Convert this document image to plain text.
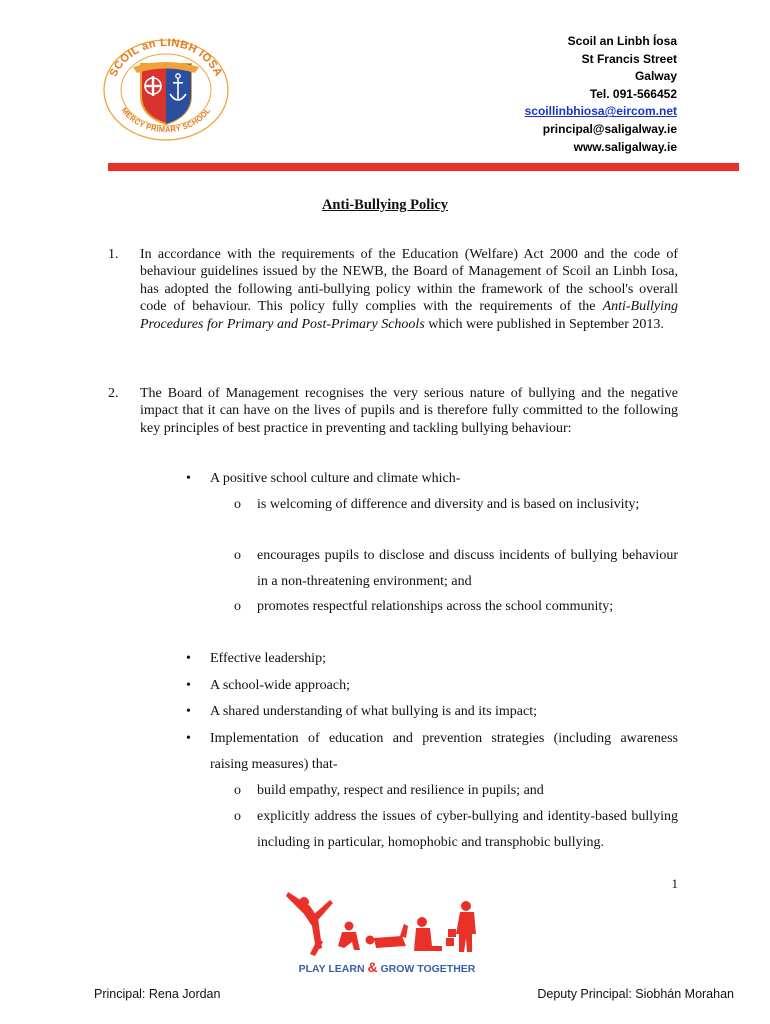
SCOIL an LINBH IOSA
MERCY PRIMARY SCHOOL
Scoil an Linbh Íosa
St Francis Street
Galway
Tel. 091-566452
scoillinbhiosa@eircom.net
principal@saligalway.ie
www.saligalway.ie
Anti-Bullying Policy
1. In accordance with the requirements of the Education (Welfare) Act 2000 and the code of behaviour guidelines issued by the NEWB, the Board of Management of Scoil an Linbh Iosa, has adopted the following anti-bullying policy within the framework of the school's overall code of behaviour. This policy fully complies with the requirements of the Anti-Bullying Procedures for Primary and Post-Primary Schools which were published in September 2013.
2. The Board of Management recognises the very serious nature of bullying and the negative impact that it can have on the lives of pupils and is therefore fully committed to the following key principles of best practice in preventing and tackling bullying behaviour:
• A positive school culture and climate which-
o is welcoming of difference and diversity and is based on inclusivity;
o encourages pupils to disclose and discuss incidents of bullying behaviour in a non-threatening environment; and
o promotes respectful relationships across the school community;
• Effective leadership;
• A school-wide approach;
• A shared understanding of what bullying is and its impact;
• Implementation of education and prevention strategies (including awareness raising measures) that-
o build empathy, respect and resilience in pupils; and
o explicitly address the issues of cyber-bullying and identity-based bullying including in particular, homophobic and transphobic bullying.
1
PLAY LEARN & GROW TOGETHER
Principal: Rena Jordan	Deputy Principal: Siobhán Morahan
